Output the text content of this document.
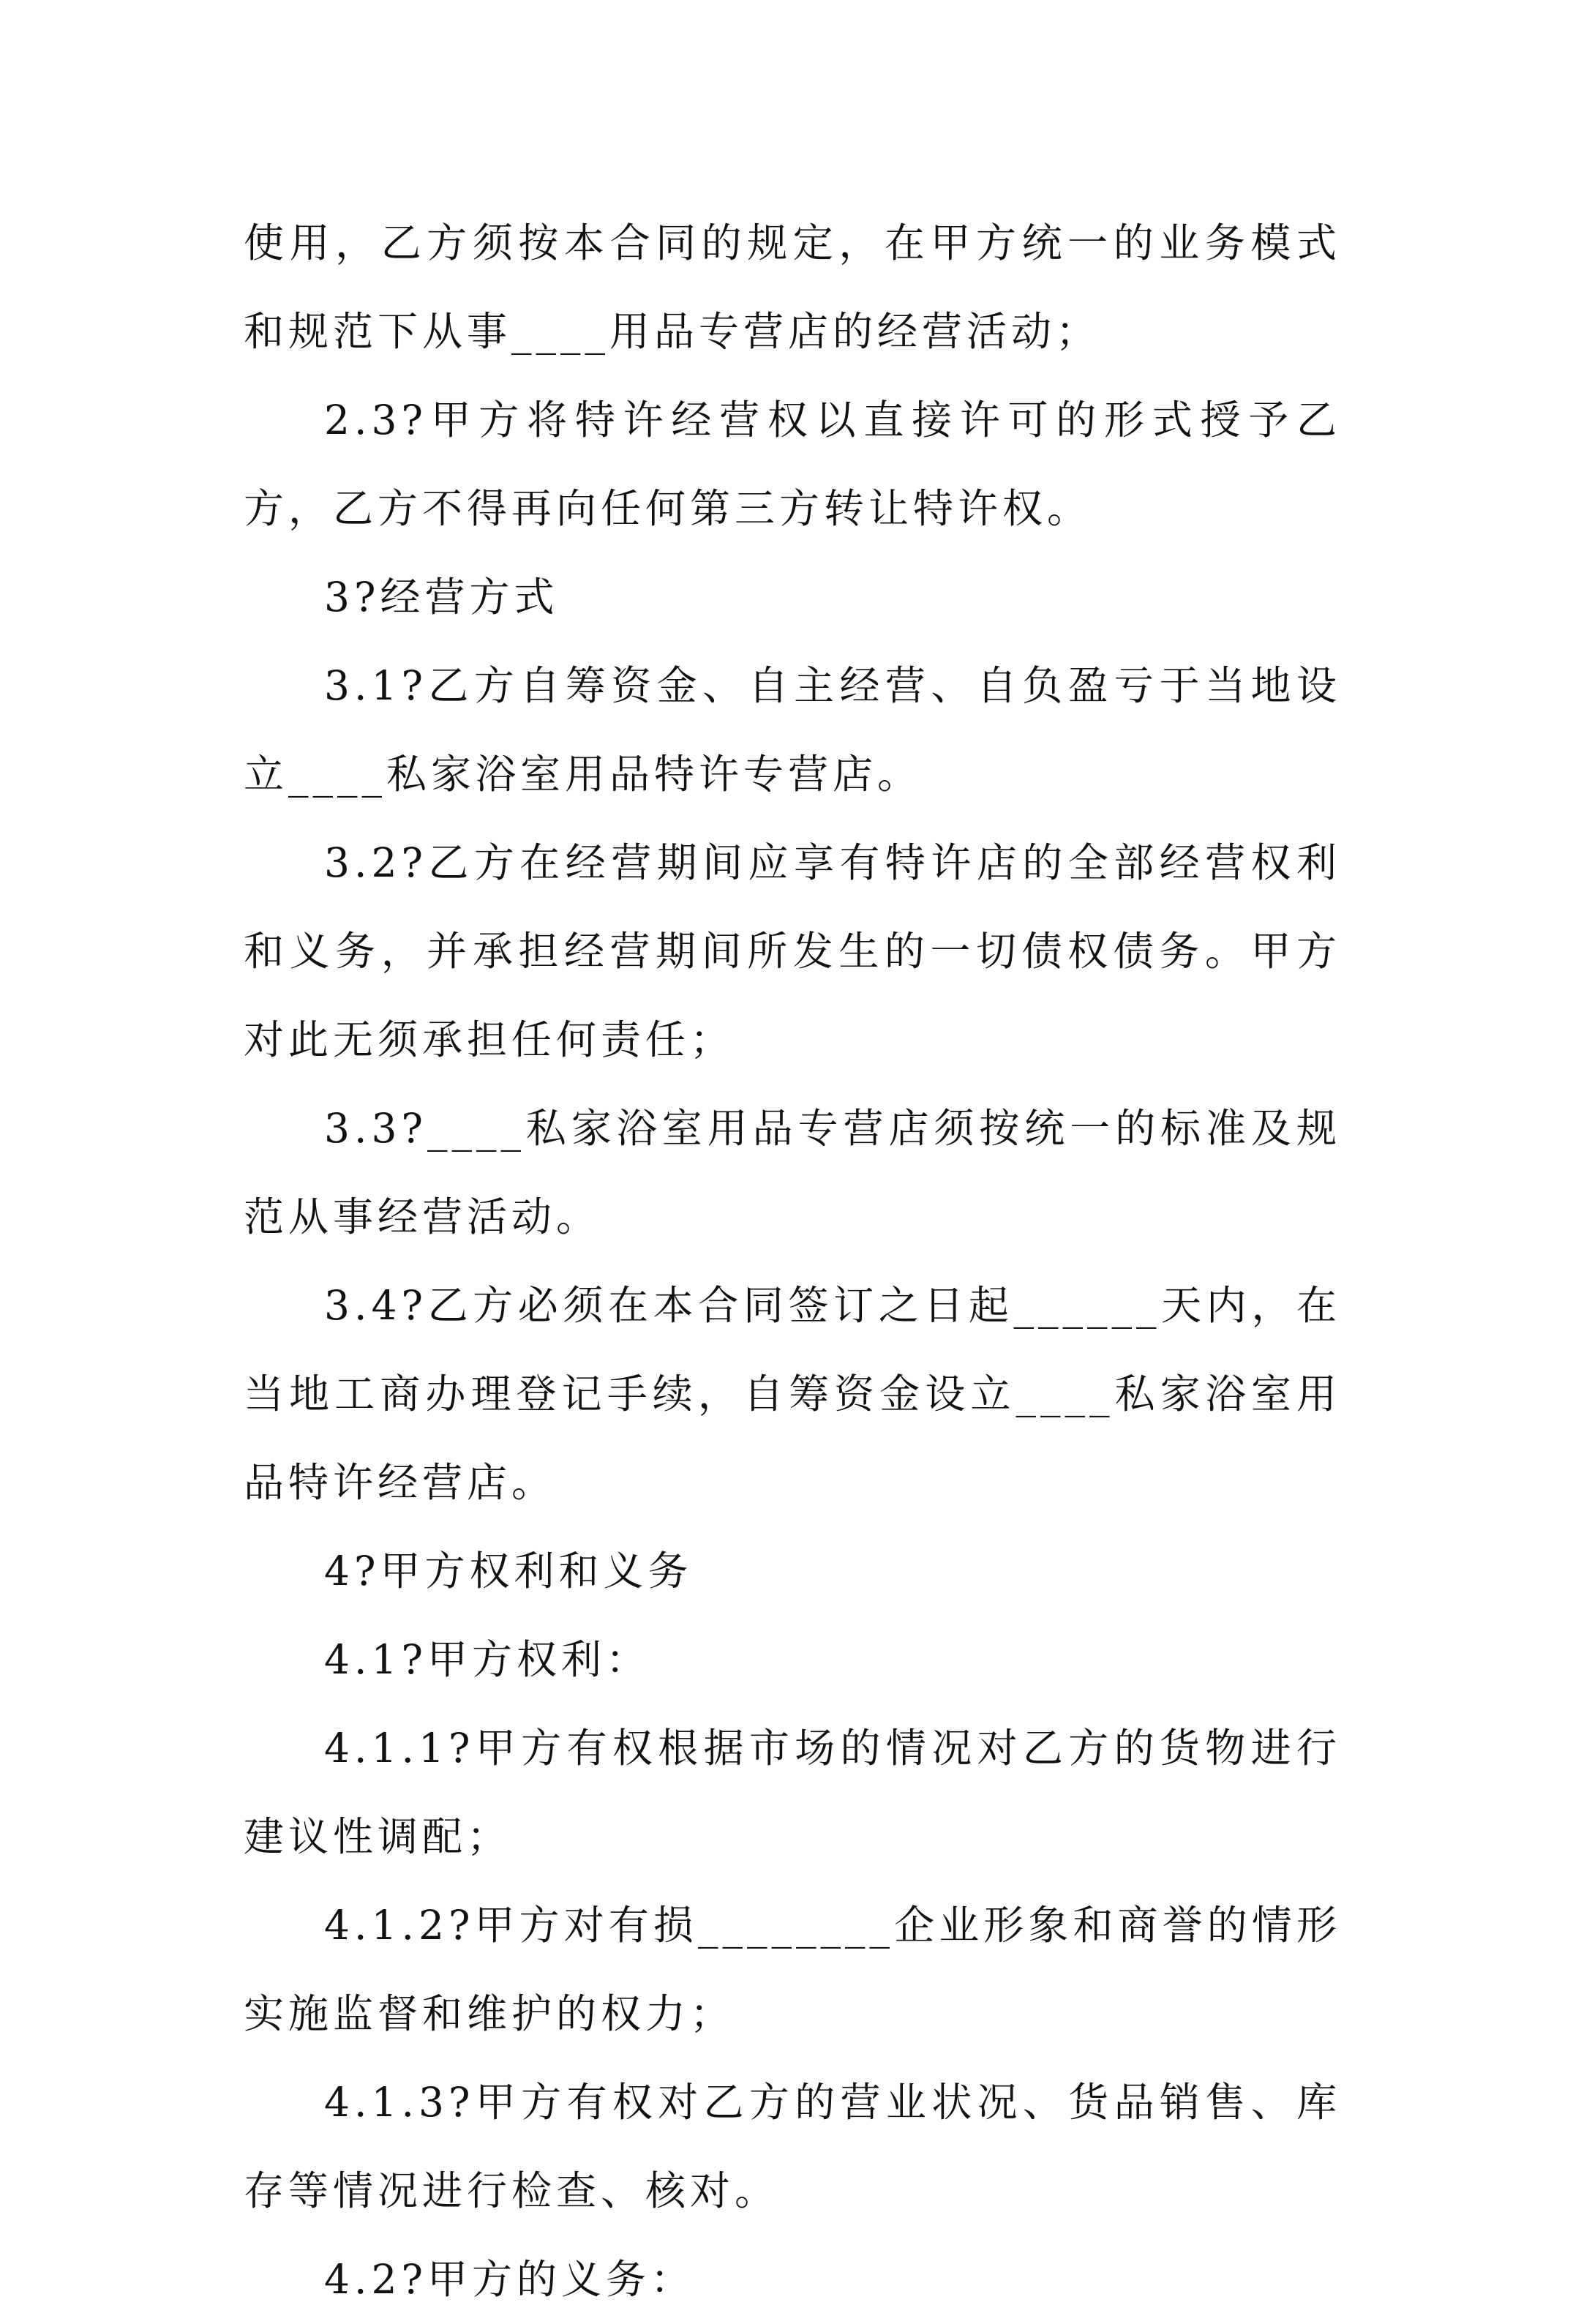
使用，乙方须按本合同的规定，在甲方统一的业务模式和规范下从事____用品专营店的经营活动；

2.3?甲方将特许经营权以直接许可的形式授予乙方，乙方不得再向任何第三方转让特许权。

3?经营方式

3.1?乙方自筹资金、自主经营、自负盈亏于当地设立____私家浴室用品特许专营店。

3.2?乙方在经营期间应享有特许店的全部经营权利和义务，并承担经营期间所发生的一切债权债务。甲方对此无须承担任何责任；

3.3?____私家浴室用品专营店须按统一的标准及规范从事经营活动。

3.4?乙方必须在本合同签订之日起______天内，在当地工商办理登记手续，自筹资金设立____私家浴室用品特许经营店。

4?甲方权利和义务

4.1?甲方权利：

4.1.1?甲方有权根据市场的情况对乙方的货物进行建议性调配；

4.1.2?甲方对有损________企业形象和商誉的情形实施监督和维护的权力；

4.1.3?甲方有权对乙方的营业状况、货品销售、库存等情况进行检查、核对。

4.2?甲方的义务：
